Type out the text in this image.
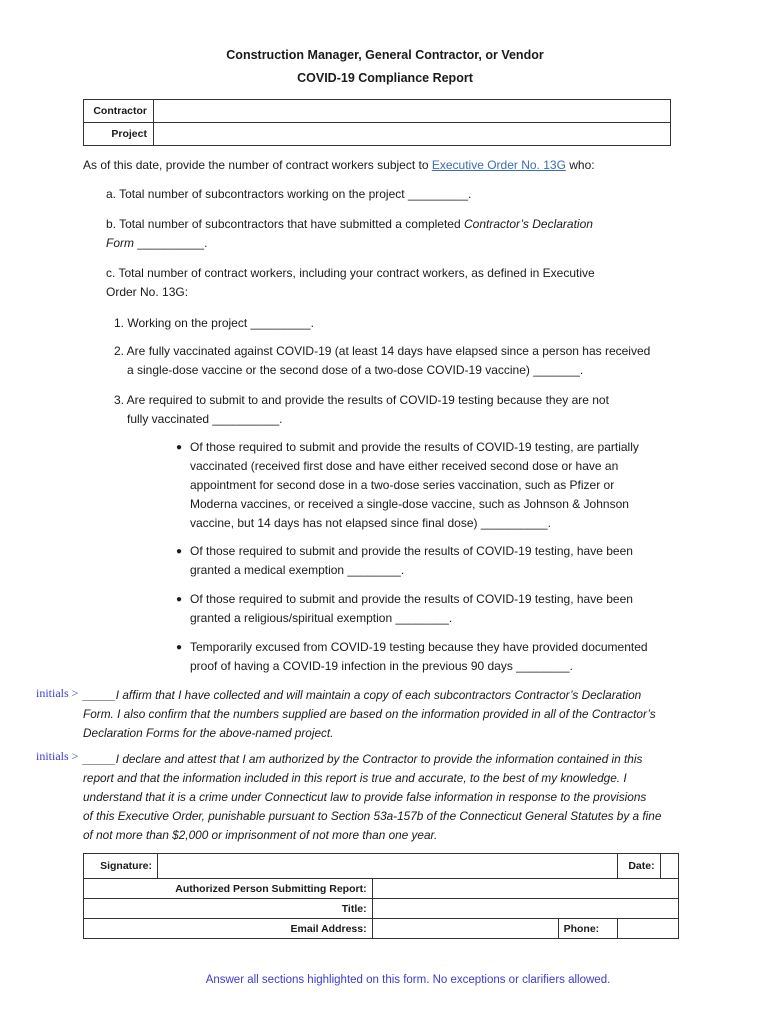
Construction Manager, General Contractor, or Vendor
COVID-19 Compliance Report
Contractor	
Project	
As of this date, provide the number of contract workers subject to Executive Order No. 13G who:
a. Total number of subcontractors working on the project _________.
b. Total number of subcontractors that have submitted a completed Contractor’s Declaration
Form __________.
c. Total number of contract workers, including your contract workers, as defined in Executive
Order No. 13G:
1. Working on the project _________.
2. Are fully vaccinated against COVID-19 (at least 14 days have elapsed since a person has received
a single-dose vaccine or the second dose of a two-dose COVID-19 vaccine) _______.
3. Are required to submit to and provide the results of COVID-19 testing because they are not
fully vaccinated __________.
● Of those required to submit and provide the results of COVID-19 testing, are partially
vaccinated (received first dose and have either received second dose or have an
appointment for second dose in a two-dose series vaccination, such as Pfizer or
Moderna vaccines, or received a single-dose vaccine, such as Johnson & Johnson
vaccine, but 14 days has not elapsed since final dose) __________.
● Of those required to submit and provide the results of COVID-19 testing, have been
granted a medical exemption ________.
● Of those required to submit and provide the results of COVID-19 testing, have been
granted a religious/spiritual exemption ________.
● Temporarily excused from COVID-19 testing because they have provided documented
proof of having a COVID-19 infection in the previous 90 days ________.
initials > _____I affirm that I have collected and will maintain a copy of each subcontractors Contractor’s Declaration
Form. I also confirm that the numbers supplied are based on the information provided in all of the Contractor’s
Declaration Forms for the above-named project.
initials > _____I declare and attest that I am authorized by the Contractor to provide the information contained in this
report and that the information included in this report is true and accurate, to the best of my knowledge. I
understand that it is a crime under Connecticut law to provide false information in response to the provisions
of this Executive Order, punishable pursuant to Section 53a-157b of the Connecticut General Statutes by a fine
of not more than $2,000 or imprisonment of not more than one year.
Signature:				Date:	
Authorized Person Submitting Report:					
Title:					
Email Address:			Phone:		
Answer all sections highlighted on this form. No exceptions or clarifiers allowed.
